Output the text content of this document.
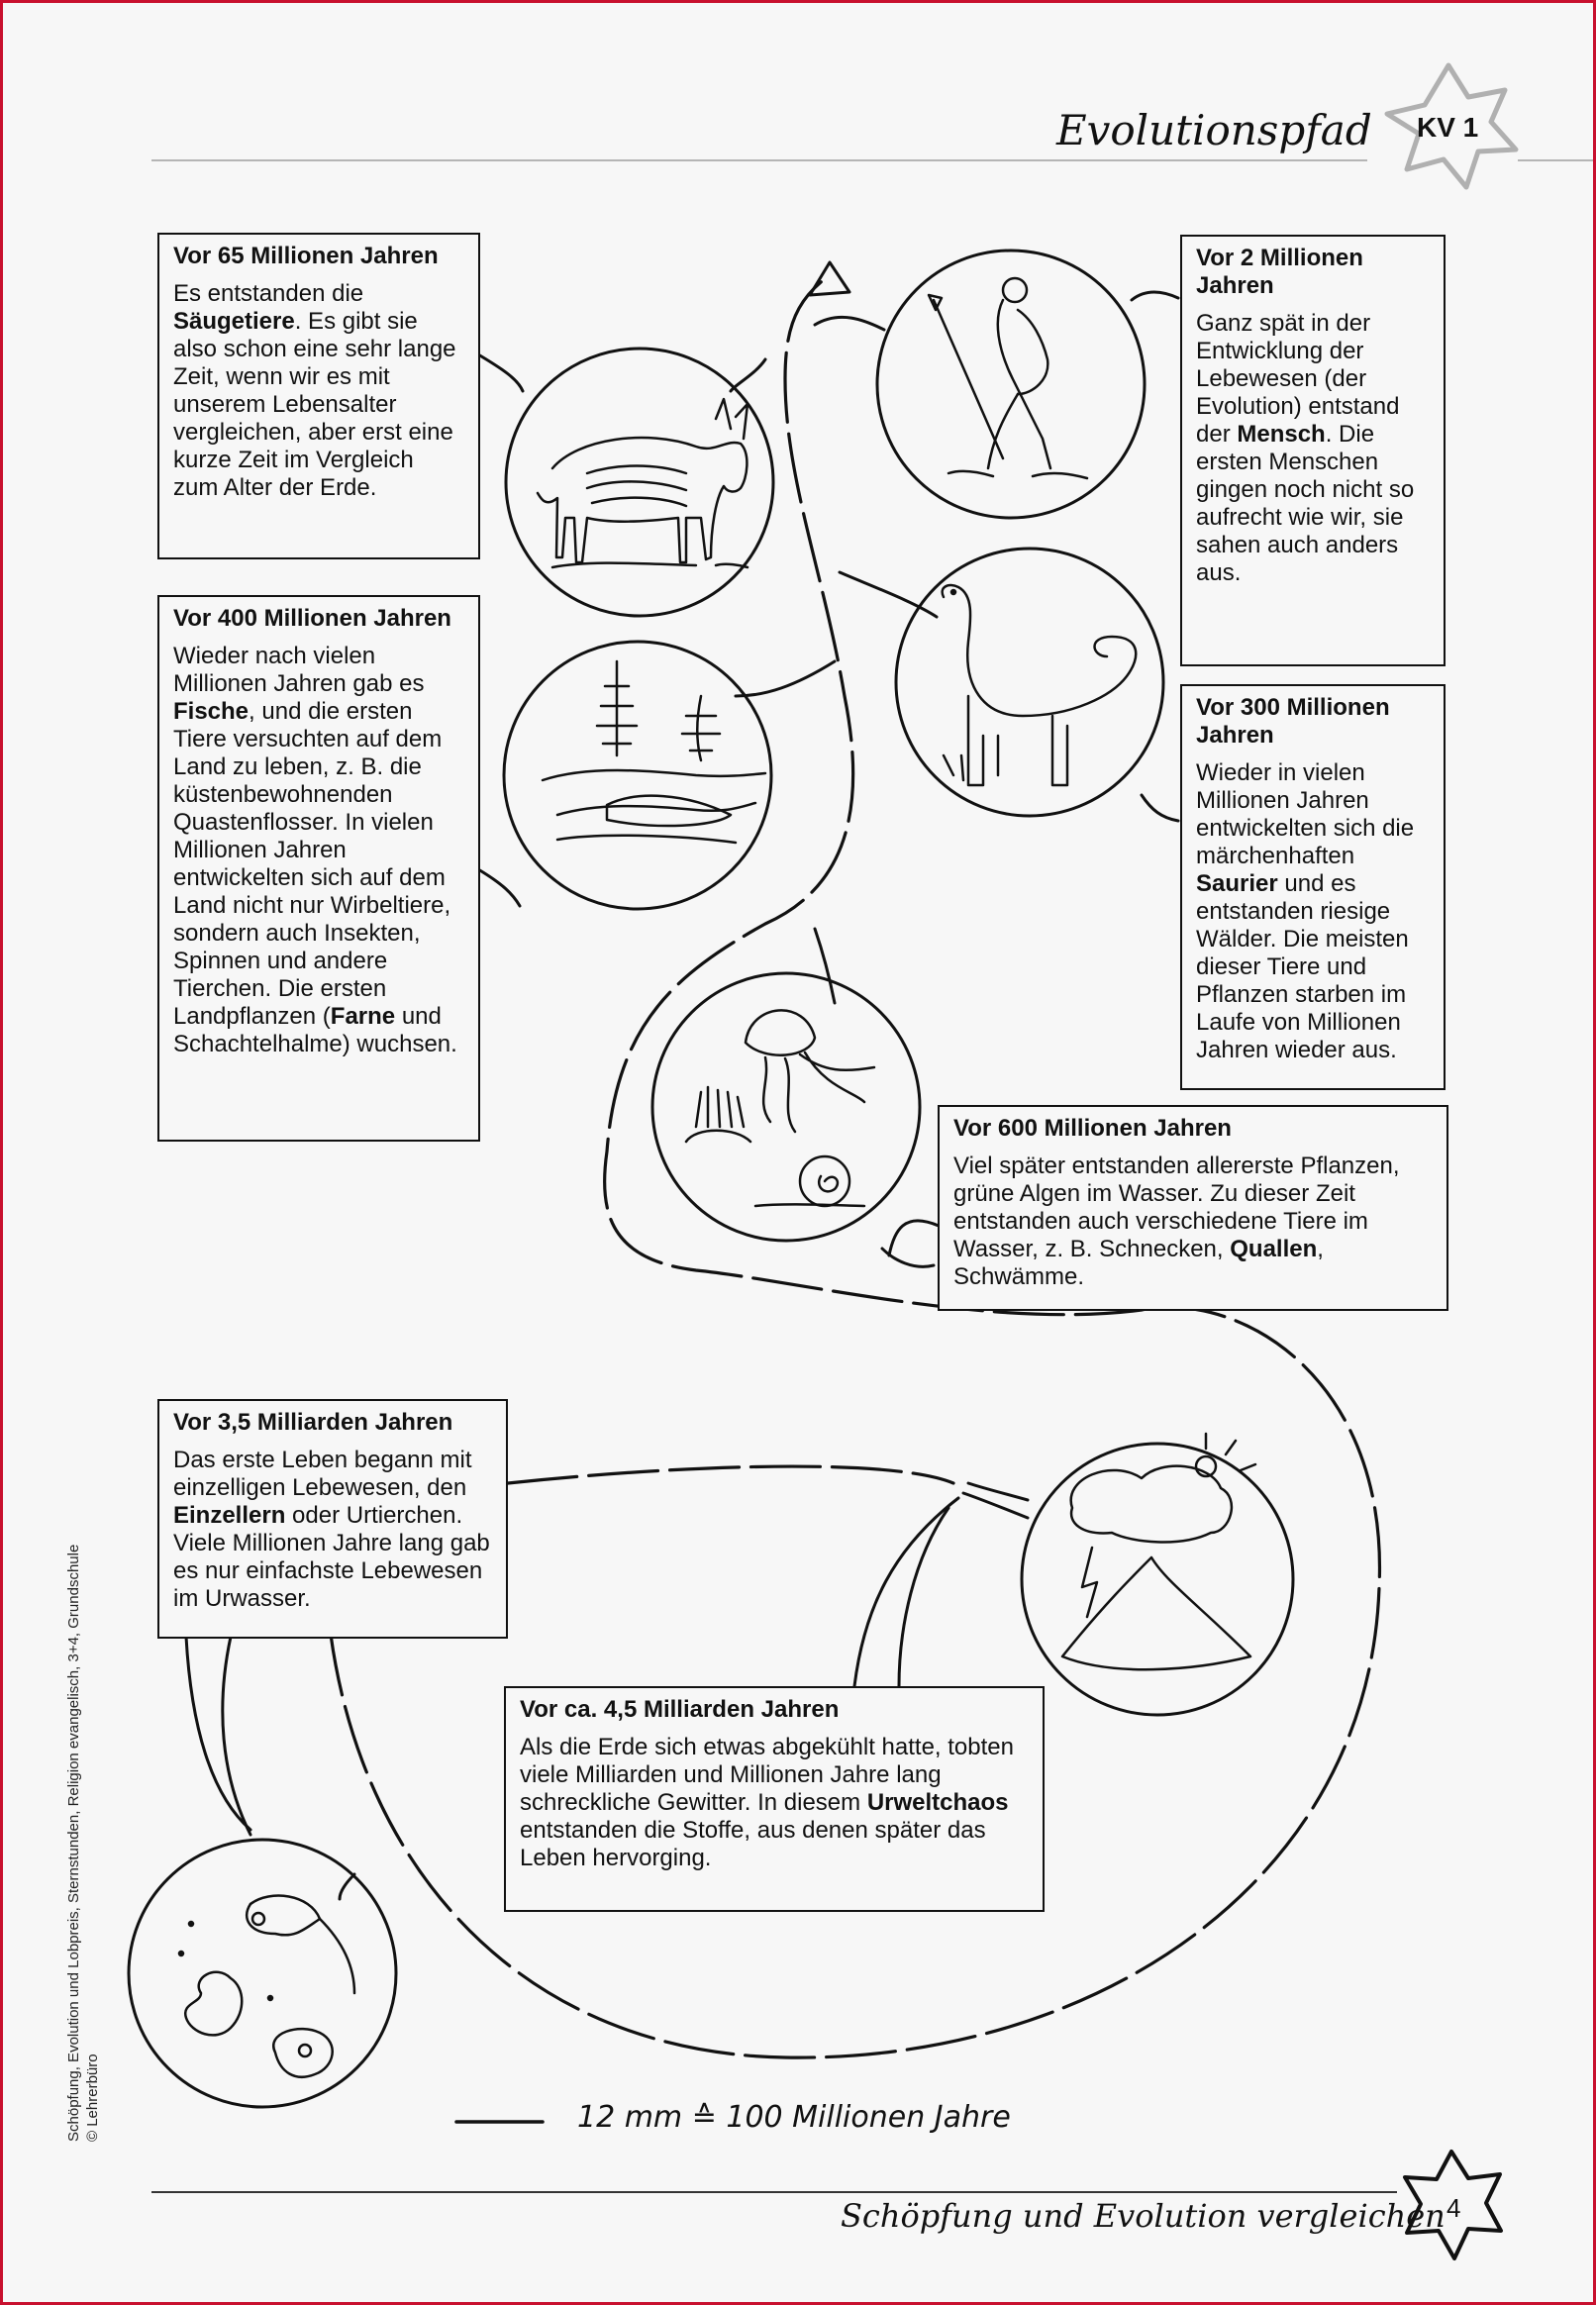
Evolutionspfad
Vor 65 Millionen Jahren

Es entstanden die Säugetiere. Es gibt sie also schon eine sehr lange Zeit, wenn wir es mit unserem Lebensalter vergleichen, aber erst eine kurze Zeit im Vergleich zum Alter der Erde.

Vor 2 Millionen Jahren

Ganz spät in der Entwicklung der Lebewesen (der Evolution) entstand der Mensch. Die ersten Menschen gingen noch nicht so aufrecht wie wir, sie sahen auch anders aus.

Vor 400 Millionen Jahren

Wieder nach vielen Millionen Jahren gab es Fische, und die ersten Tiere versuchten auf dem Land zu leben, z. B. die küstenbewohnenden Quastenflosser. In vielen Millionen Jahren entwickelten sich auf dem Land nicht nur Wirbeltiere, sondern auch Insekten, Spinnen und andere Tierchen. Die ersten Landpflanzen (Farne und Schachtelhalme) wuchsen.

Vor 300 Millionen Jahren

Wieder in vielen Millionen Jahren entwickelten sich die märchenhaften Saurier und es entstanden riesige Wälder. Die meisten dieser Tiere und Pflanzen starben im Laufe von Millionen Jahren wieder aus.

Vor 600 Millionen Jahren

Viel später entstanden allererste Pflanzen, grüne Algen im Wasser. Zu dieser Zeit entstanden auch verschiedene Tiere im Wasser, z. B. Schnecken, Quallen, Schwämme.

Vor 3,5 Milliarden Jahren

Das erste Leben begann mit einzelligen Lebewesen, den Einzellern oder Urtierchen. Viele Millionen Jahre lang gab es nur einfachste Lebewesen im Urwasser.

Vor ca. 4,5 Milliarden Jahren

Als die Erde sich etwas abgekühlt hatte, tobten viele Milliarden und Millionen Jahre lang schreckliche Gewitter. In diesem Urweltchaos entstanden die Stoffe, aus denen später das Leben hervorging.

12 mm ≙ 100 Millionen Jahre
Schöpfung, Evolution und Lobpreis, Sternstunden, Religion evangelisch, 3+4, Grundschule © Lehrerbüro
Schöpfung und Evolution vergleichen 4
KV 1
